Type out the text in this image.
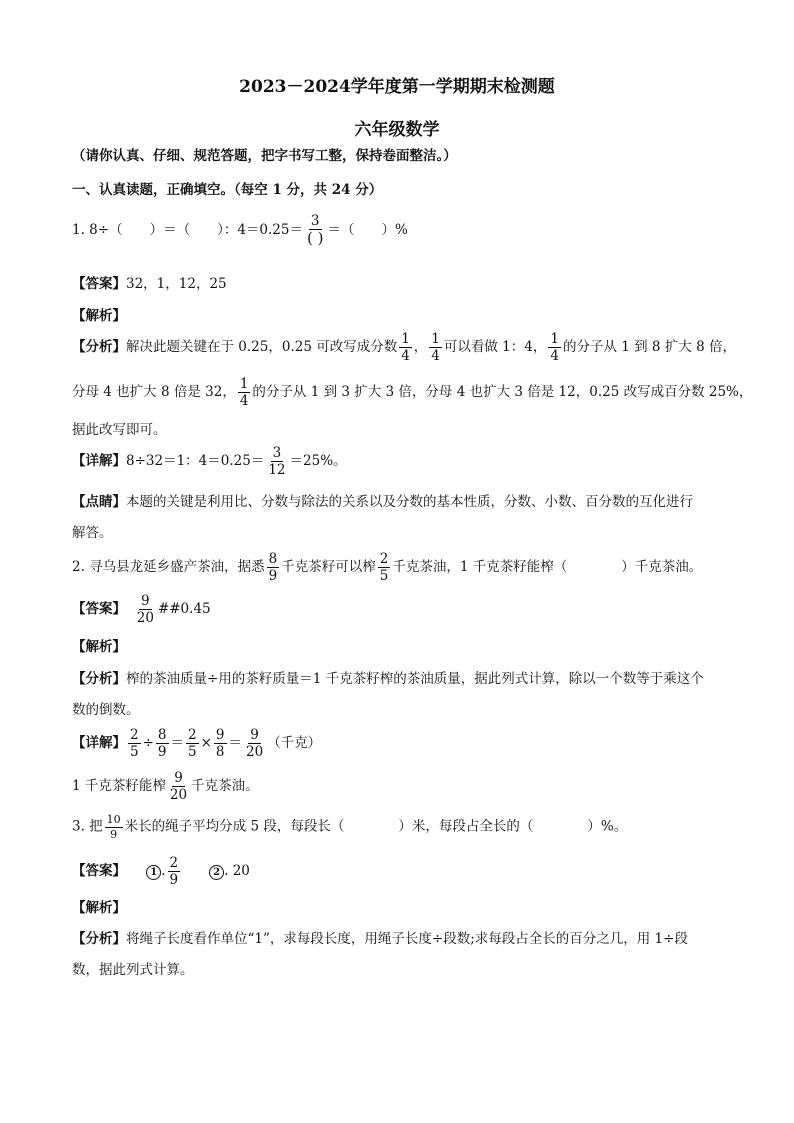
2023－2024学年度第一学期期末检测题
六年级数学
（请你认真、仔细、规范答题，把字书写工整，保持卷面整洁。）
一、认真读题，正确填空。（每空 1 分，共 24 分）
1. 8÷（　　）＝（　　）：$4=0.25= \frac{3}{( )}$ ＝（　　）%
【答案】32，1，12，25
【解析】
【分析】解决此题关键在于 0.25，0.25 可改写成分数 $\frac{1}{4}$ ， $\frac{1}{4}$ 可以看做 1：4， $\frac{1}{4}$ 的分子从 1 到 8 扩大 8 倍，
分母 4 也扩大 8 倍是 32， $\frac{1}{4}$ 的分子从 1 到 3 扩大 3 倍，分母 4 也扩大 3 倍是 12，0.25 改写成百分数 25%，
据此改写即可。
【详解】8÷32＝1：$4=0.25= \frac{3}{12} =25\%$。
【点睛】本题的关键是利用比、分数与除法的关系以及分数的基本性质，分数、小数、百分数的互化进行
解答。
2. 寻乌县龙延乡盛产茶油，据悉 $\frac{8}{9}$ 千克茶籽可以榨 $\frac{2}{5}$ 千克茶油，1 千克茶籽能榨（　　　　）千克茶油。
【答案】　 $\frac{9}{20}$ ##0.45
【解析】
【分析】榨的茶油质量÷用的茶籽质量＝1 千克茶籽榨的茶油质量，据此列式计算，除以一个数等于乘这个
数的倒数。
【详解】 $\frac{2}{5} \div \frac{8}{9} = \frac{2}{5} \times \frac{9}{8} = \frac{9}{20}$ （千克）
1 千克茶籽能榨 $\frac{9}{20}$ 千克茶油。
3. 把 $\frac{10}{9}$ 米长的绳子平均分成 5 段，每段长（　　　　）米，每段占全长的（　　　　）%。
【答案】　　	1 . $\frac{2}{9}$
　　	2 . 20
【解析】
【分析】将绳子长度看作单位“1”，求每段长度，用绳子长度÷段数;求每段占全长的百分之几，用 1÷段
数，据此列式计算。
